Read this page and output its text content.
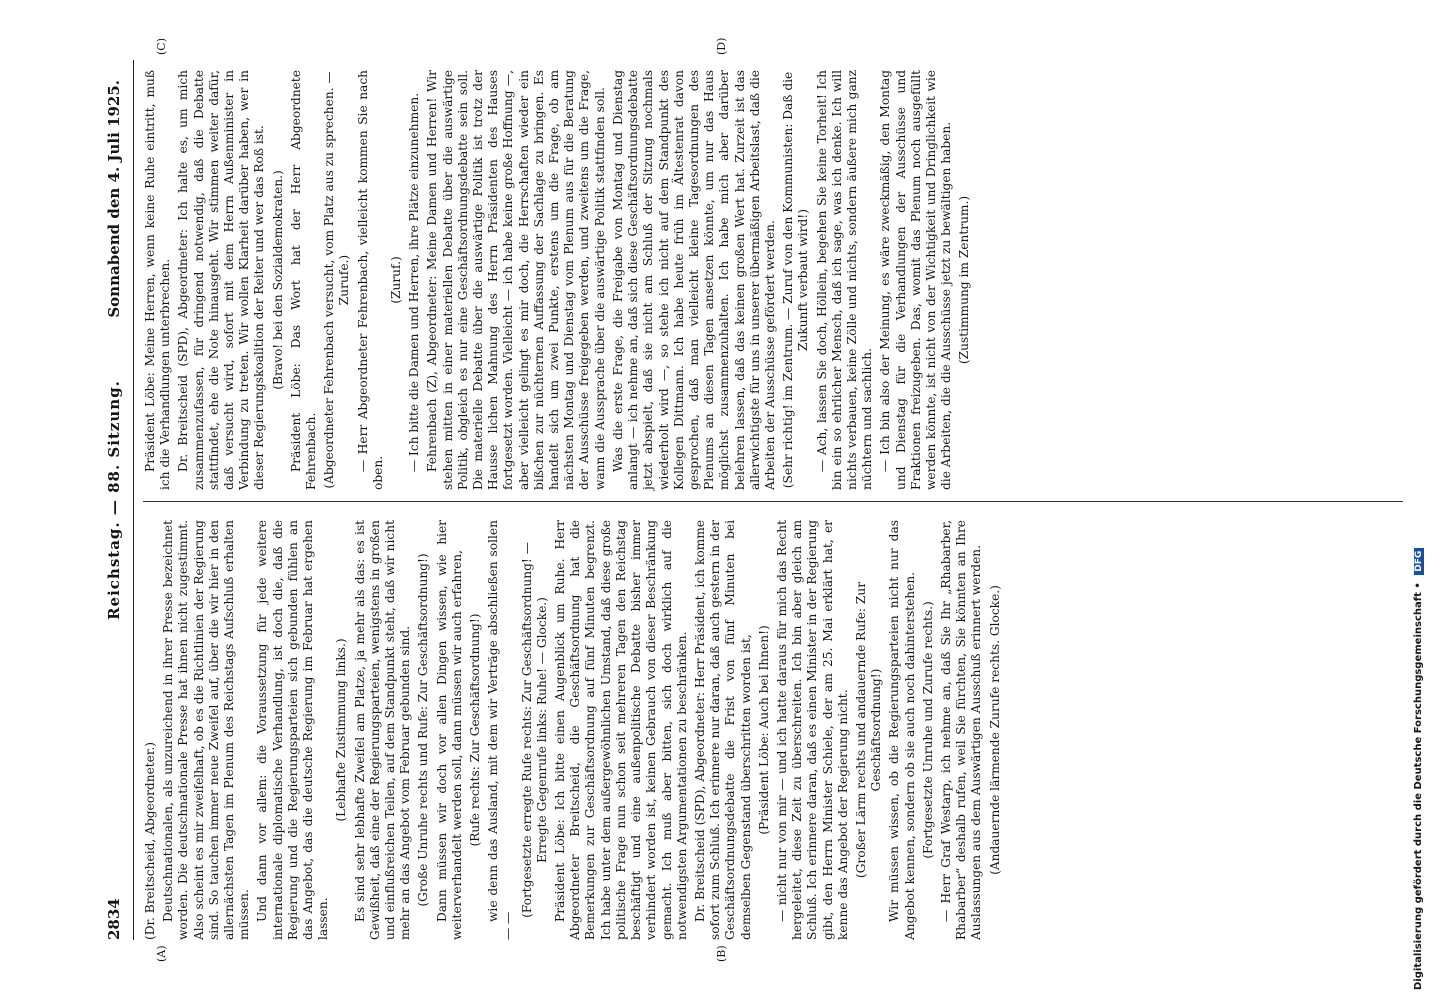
2834
Reichstag. — 88. Sitzung.
Sonnabend den 4. Juli 1925.

(Dr. Breitscheid, Abgeordneter.) Deutschnationalen, als unzureichend in ihrer Presse bezeichnet worden. Die deutschnationale Presse hat ihnen nicht zugestimmt. Also scheint es mir zweifelhaft, ob es die Richtlinien der Regierung sind. So tauchen immer neue Zweifel auf, über die wir hier in den allernächsten Tagen im Plenum des Reichstags Aufschluß erhalten müssen. Und dann vor allem: die Voraussetzung für jede weitere internationale diplomatische Verhandlung, ist doch die, daß die Regierung und die Regierungsparteien sich gebunden fühlen an das Angebot, das die deutsche Regierung im Februar hat ergehen lassen.

(Lebhafte Zustimmung links.) Es sind sehr lebhafte Zweifel am Platze, ja mehr als das: es ist Gewißheit, daß eine der Regierungsparteien, wenigstens in großen und einflußreichen Teilen, auf dem Standpunkt steht, daß wir nicht mehr an das Angebot vom Februar gebunden sind. (Große Unruhe rechts und Rufe: Zur Geschäftsordnung!) Dann müssen wir doch vor allen Dingen wissen, wie hier weiterverhandelt werden soll, dann müssen wir auch erfahren, (Rufe rechts: Zur Geschäftsordnung!) wie denn das Ausland, mit dem wir Verträge abschließen sollen — —

(Fortgesetzte erregte Rufe rechts: Zur Geschäftsordnung! — Erregte Gegenrufe links: Ruhe! — Glocke.) Präsident Löbe: Ich bitte einen Augenblick um Ruhe. Herr Abgeordneter Breitscheid, die Geschäftsordnung hat die Bemerkungen zur Geschäftsordnung auf fünf Minuten begrenzt. Ich habe unter dem außergewöhnlichen Umstand, daß diese große politische Frage nun schon seit mehreren Tagen den Reichstag beschäftigt und eine außenpolitische Debatte bisher immer verhindert worden ist, keinen Gebrauch von dieser Beschränkung gemacht. Ich muß aber bitten, sich doch wirklich auf die notwendigsten Argumentationen zu beschränken. Dr. Breitscheid (SPD), Abgeordneter: Herr Präsident, ich komme sofort zum Schluß. Ich erinnere nur daran, daß auch gestern in der Geschäftsordnungsdebatte die Frist von fünf Minuten bei demselben Gegenstand überschritten worden ist, (Präsident Löbe: Auch bei Ihnen!) — nicht nur von mir — und ich hatte daraus für mich das Recht hergeleitet, diese Zeit zu überschreiten. Ich bin aber gleich am Schluß. Ich erinnere daran, daß es einen Minister in der Regierung gibt, den Herrn Minister Schiele, der am 25. Mai erklärt hat, er kenne das Angebot der Regierung nicht. (Großer Lärm rechts und andauernde Rufe: Zur Geschäftsordnung!) Wir müssen wissen, ob die Regierungsparteien nicht nur das Angebot kennen, sondern ob sie auch noch dahinterstehen. (Fortgesetzte Unruhe und Zurufe rechts.) — Herr Graf Westarp, ich nehme an, daß Sie Ihr „Rhabarber, Rhabarber“ deshalb rufen, weil Sie fürchten, Sie könnten an Ihre Auslassungen aus dem Auswärtigen Ausschuß erinnert werden. (Andauernde lärmende Zurufe rechts. Glocke.)

Präsident Löbe: Meine Herren, wenn keine Ruhe eintritt, muß ich die Verhandlungen unterbrechen. Dr. Breitscheid (SPD), Abgeordneter: Ich halte es, um mich zusammenzufassen, für dringend notwendig, daß die Debatte stattfindet, ehe die Note hinausgeht. Wir stimmen weiter dafür, daß versucht wird, sofort mit dem Herrn Außenminister in Verbindung zu treten. Wir wollen Klarheit darüber haben, wer in dieser Regierungskoalition der Reiter und wer das Roß ist. (Bravo! bei den Sozialdemokraten.) Präsident Löbe: Das Wort hat der Herr Abgeordnete Fehrenbach. (Abgeordneter Fehrenbach versucht, vom Platz aus zu sprechen. — Zurufe.) — Herr Abgeordneter Fehrenbach, vielleicht kommen Sie nach oben.

(Zuruf.) — Ich bitte die Damen und Herren, ihre Plätze einzunehmen. Fehrenbach (Z), Abgeordneter: Meine Damen und Herren! Wir stehen mitten in einer materiellen Debatte über die auswärtige Politik, obgleich es nur eine Geschäftsordnungsdebatte sein soll. Die materielle Debatte über die auswärtige Politik ist trotz der Hausse lichen Mahnung des Herrn Präsidenten des Hauses fortgesetzt worden. Vielleicht — ich habe keine große Hoffnung —, aber vielleicht gelingt es mir doch, die Herrschaften wieder ein bißchen zur nüchternen Auffassung der Sachlage zu bringen. Es handelt sich um zwei Punkte, erstens um die Frage, ob am nächsten Montag und Dienstag vom Plenum aus für die Beratung der Ausschüsse freigegeben werden, und zweitens um die Frage, wann die Aussprache über die auswärtige Politik stattfinden soll. Was die erste Frage, die Freigabe von Montag und Dienstag anlangt — ich nehme an, daß sich diese Geschäftsordnungsdebatte jetzt abspielt, daß sie nicht am Schluß der Sitzung nochmals wiederholt wird —, so stehe ich nicht auf dem Standpunkt des Kollegen Dittmann. Ich habe heute früh im Ältestenrat davon gesprochen, daß man vielleicht kleine Tagesordnungen des Plenums an diesen Tagen ansetzen könnte, um nur das Haus möglichst zusammenzuhalten. Ich habe mich aber darüber belehren lassen, daß das keinen großen Wert hat. Zurzeit ist das allerwichtigste für uns in unserer übermäßigen Arbeitslast, daß die Arbeiten der Ausschüsse gefördert werden. (Sehr richtig! im Zentrum. — Zuruf von den Kommunisten: Daß die Zukunft verbaut wird!) — Ach, lassen Sie doch, Höllein, begehen Sie keine Torheit! Ich bin ein so ehrlicher Mensch, daß ich sage, was ich denke. Ich will nichts verbauen, keine Zölle und nichts, sondern äußere mich ganz nüchtern und sachlich. — Ich bin also der Meinung, es wäre zweckmäßig, den Montag und Dienstag für die Verhandlungen der Ausschüsse und Fraktionen freizugeben. Das, womit das Plenum noch ausgefüllt werden könnte, ist nicht von der Wichtigkeit und Dringlichkeit wie die Arbeiten, die die Ausschüsse jetzt zu bewältigen haben. (Zustimmung im Zentrum.)

(A)	(B)
(C)	(D)
Digitalisierung gefördert durch die Deutsche Forschungsgemeinschaft • DFG
